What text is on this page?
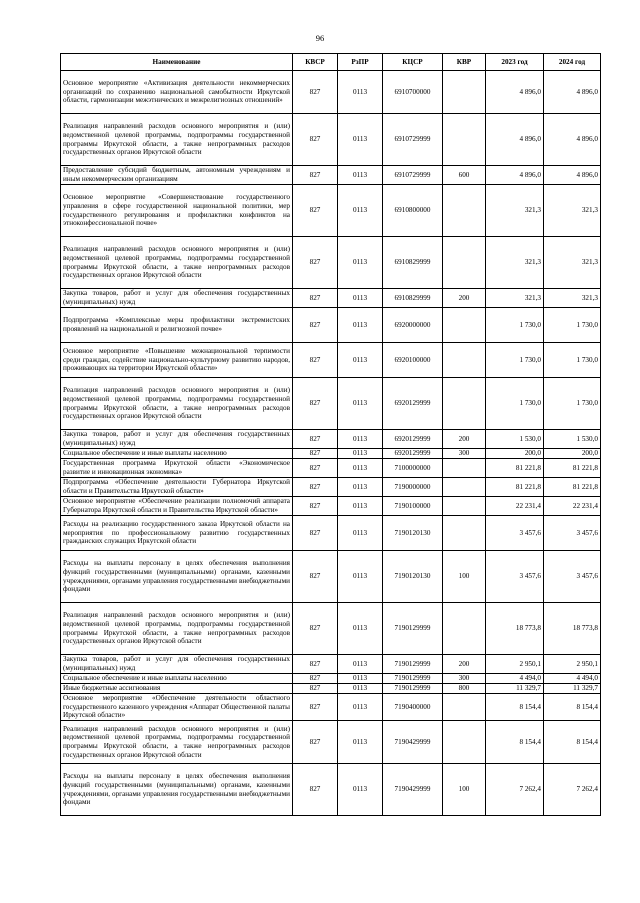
96
Наименование	КВСР	РзПР	КЦСР	КВР	2023 год	2024 год
Основное мероприятие «Активизация деятельности некоммерческих организаций по сохранению национальной самобытности Иркутской области, гармонизации межэтнических и межрелигиозных отношений»	827	0113	6910700000		4 896,0	4 896,0
Реализация направлений расходов основного мероприятия и (или) ведомственной целевой программы, подпрограммы государственной программы Иркутской области, а также непрограммных расходов государственных органов Иркутской области	827	0113	6910729999		4 896,0	4 896,0
Предоставление субсидий бюджетным, автономным учреждениям и иным некоммерческим организациям	827	0113	6910729999	600	4 896,0	4 896,0
Основное мероприятие «Совершенствование государственного управления в сфере государственной национальной политики, мер государственного регулирования и профилактики конфликтов на этноконфессиональной почве»	827	0113	6910800000		321,3	321,3
Реализация направлений расходов основного мероприятия и (или) ведомственной целевой программы, подпрограммы государственной программы Иркутской области, а также непрограммных расходов государственных органов Иркутской области	827	0113	6910829999		321,3	321,3
Закупка товаров, работ и услуг для обеспечения государственных (муниципальных) нужд	827	0113	6910829999	200	321,3	321,3
Подпрограмма «Комплексные меры профилактики экстремистских проявлений на национальной и религиозной почве»	827	0113	6920000000		1 730,0	1 730,0
Основное мероприятие «Повышение межнациональной терпимости среди граждан, содействие национально-культурному развитию народов, проживающих на территории Иркутской области»	827	0113	6920100000		1 730,0	1 730,0
Реализация направлений расходов основного мероприятия и (или) ведомственной целевой программы, подпрограммы государственной программы Иркутской области, а также непрограммных расходов государственных органов Иркутской области	827	0113	6920129999		1 730,0	1 730,0
Закупка товаров, работ и услуг для обеспечения государственных (муниципальных) нужд	827	0113	6920129999	200	1 530,0	1 530,0
Социальное обеспечение и иные выплаты населению	827	0113	6920129999	300	200,0	200,0
Государственная программа Иркутской области «Экономическое развитие и инновационная экономика»	827	0113	7100000000		81 221,8	81 221,8
Подпрограмма «Обеспечение деятельности Губернатора Иркутской области и Правительства Иркутской области»	827	0113	7190000000		81 221,8	81 221,8
Основное мероприятие «Обеспечение реализации полномочий аппарата Губернатора Иркутской области и Правительства Иркутской области»	827	0113	7190100000		22 231,4	22 231,4
Расходы на реализацию государственного заказа Иркутской области на мероприятия по профессиональному развитию государственных гражданских служащих Иркутской области	827	0113	7190120130		3 457,6	3 457,6
Расходы на выплаты персоналу в целях обеспечения выполнения функций государственными (муниципальными) органами, казенными учреждениями, органами управления государственными внебюджетными фондами	827	0113	7190120130	100	3 457,6	3 457,6
Реализация направлений расходов основного мероприятия и (или) ведомственной целевой программы, подпрограммы государственной программы Иркутской области, а также непрограммных расходов государственных органов Иркутской области	827	0113	7190129999		18 773,8	18 773,8
Закупка товаров, работ и услуг для обеспечения государственных (муниципальных) нужд	827	0113	7190129999	200	2 950,1	2 950,1
Социальное обеспечение и иные выплаты населению	827	0113	7190129999	300	4 494,0	4 494,0
Иные бюджетные ассигнования	827	0113	7190129999	800	11 329,7	11 329,7
Основное мероприятие «Обеспечение деятельности областного государственного казенного учреждения «Аппарат Общественной палаты Иркутской области»	827	0113	7190400000		8 154,4	8 154,4
Реализация направлений расходов основного мероприятия и (или) ведомственной целевой программы, подпрограммы государственной программы Иркутской области, а также непрограммных расходов государственных органов Иркутской области	827	0113	7190429999		8 154,4	8 154,4
Расходы на выплаты персоналу в целях обеспечения выполнения функций государственными (муниципальными) органами, казенными учреждениями, органами управления государственными внебюджетными фондами	827	0113	7190429999	100	7 262,4	7 262,4
